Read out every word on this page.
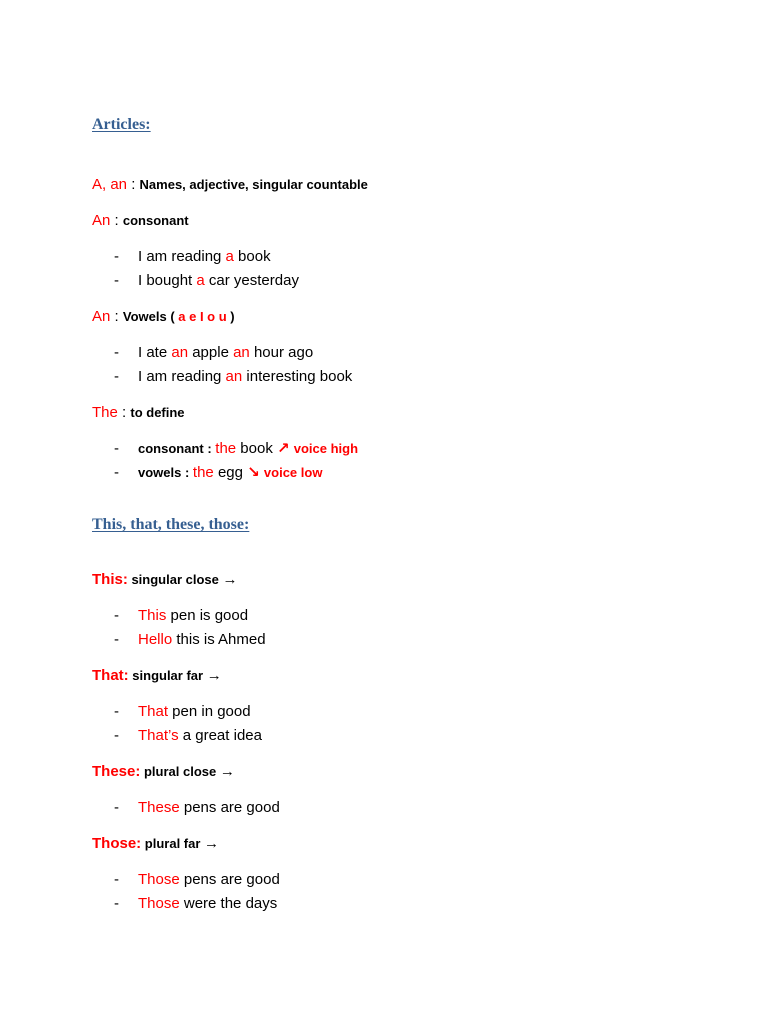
Articles:
A, an : Names, adjective, singular countable
An : consonant
- I am reading a book
- I bought a car yesterday
An : Vowels ( a e I o u )
- I ate an apple an hour ago
- I am reading an interesting book
The : to define
- consonant : the book ↗ voice high
- vowels : the egg ↘ voice low
This, that, these, those:
This: singular close →
- This pen is good
- Hello this is Ahmed
That: singular far →
- That pen in good
- That’s a great idea
These: plural close →
- These pens are good
Those: plural far →
- Those pens are good
- Those were the days
